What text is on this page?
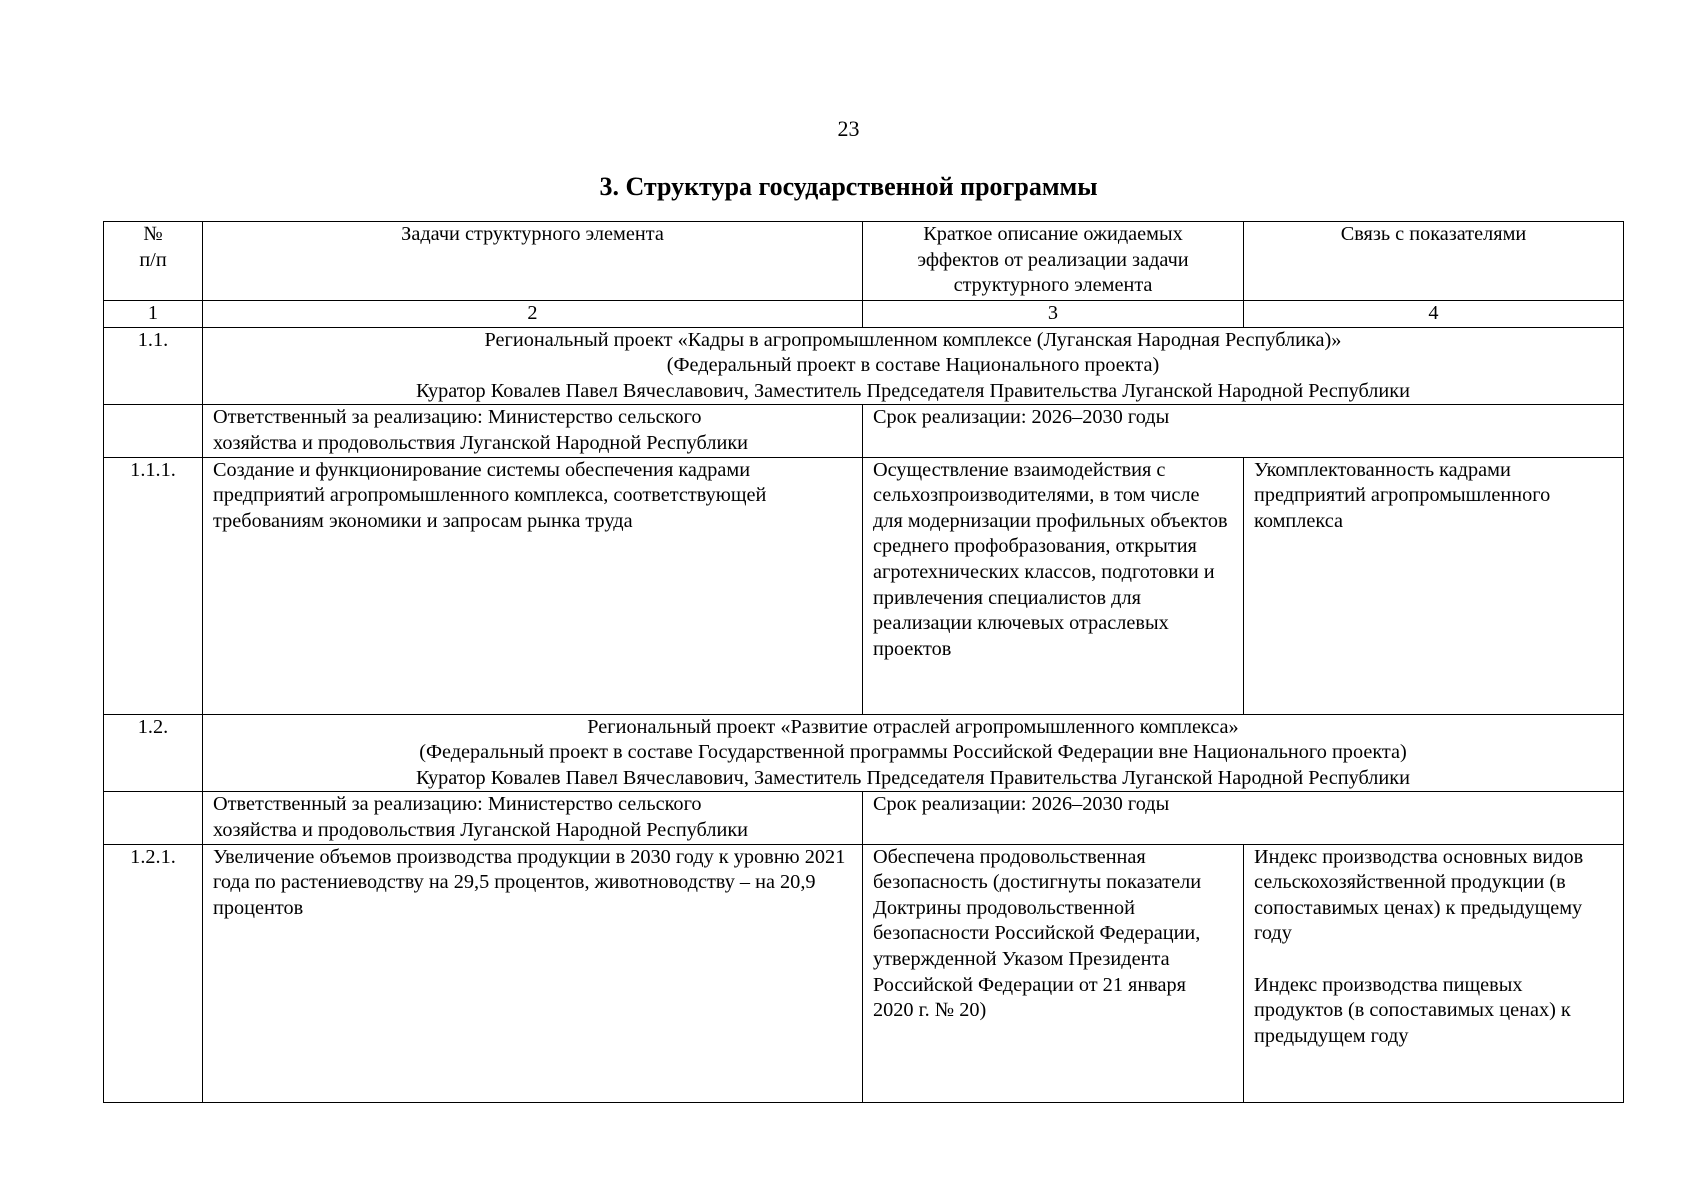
23
3. Структура государственной программы
№ п/п	Задачи структурного элемента	Краткое описание ожидаемых эффектов от реализации задачи структурного элемента	Связь с показателями
1	2	3	4
1.1.	Региональный проект «Кадры в агропромышленном комплексе (Луганская Народная Республика)»
(Федеральный проект в составе Национального проекта)
Куратор Ковалев Павел Вячеславович, Заместитель Председателя Правительства Луганской Народной Республики		

	Ответственный за реализацию: Министерство сельского хозяйства и продовольствия Луганской Народной Республики	Срок реализации: 2026–2030 годы	
1.1.1.	Создание и функционирование системы обеспечения кадрами предприятий агропромышленного комплекса, соответствующей требованиям экономики и запросам рынка труда	Осуществление взаимодействия с сельхозпроизводителями, в том числе для модернизации профильных объектов среднего профобразования, открытия агротехнических классов, подготовки и привлечения специалистов для реализации ключевых отраслевых проектов	Укомплектованность кадрами предприятий агропромышленного комплекса

1.2.	Региональный проект «Развитие отраслей агропромышленного комплекса»
(Федеральный проект в составе Государственной программы Российской Федерации вне Национального проекта)
Куратор Ковалев Павел Вячеславович, Заместитель Председателя Правительства Луганской Народной Республики		

	Ответственный за реализацию: Министерство сельского хозяйства и продовольствия Луганской Народной Республики	Срок реализации: 2026–2030 годы	
1.2.1.	Увеличение объемов производства продукции в 2030 году к уровню 2021 года по растениеводству на 29,5 процентов, животноводству – на 20,9 процентов	Обеспечена продовольственная безопасность (достигнуты показатели Доктрины продовольственной безопасности Российской Федерации, утвержденной Указом Президента Российской Федерации от 21 января 2020 г. № 20)	Индекс производства основных видов сельскохозяйственной продукции (в сопоставимых ценах) к предыдущему году
Индекс производства пищевых продуктов (в сопоставимых ценах) к предыдущем году
